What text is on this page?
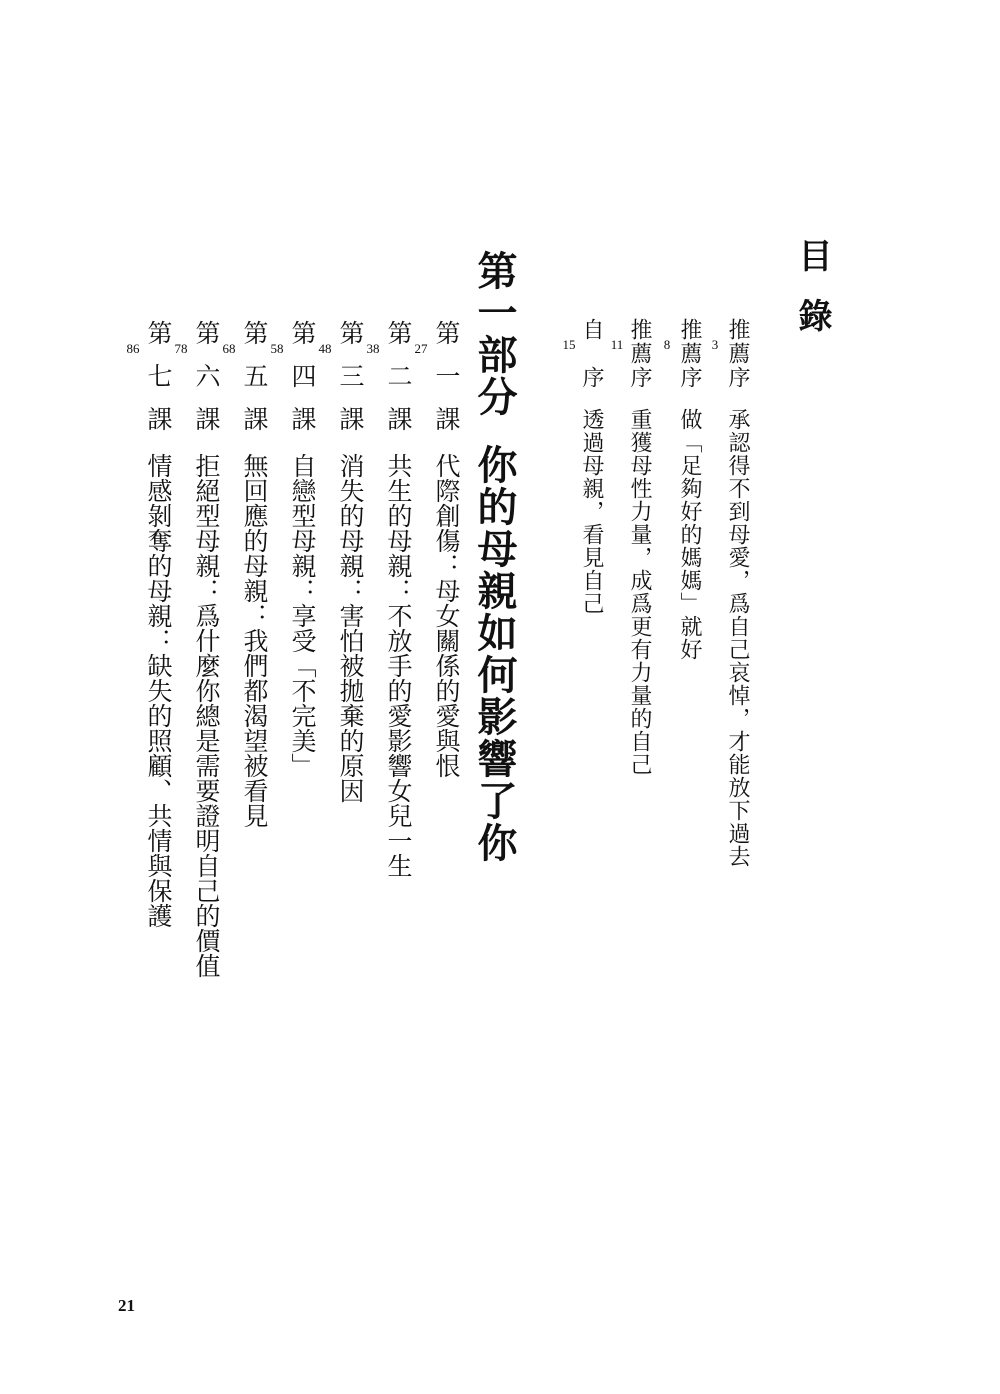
目錄
推薦序承認得不到母愛，爲自己哀悼，才能放下過去
3
推薦序做「足夠好的媽媽」就好
8
推薦序重獲母性力量，成爲更有力量的自己
11
自　序透過母親，看見自己
15
第一部分你的母親如何影響了你
第一課代際創傷：母女關係的愛與恨
27
第二課共生的母親：不放手的愛影響女兒一生
38
第三課消失的母親：害怕被拋棄的原因
48
第四課自戀型母親：享受「不完美」
58
第五課無回應的母親：我們都渴望被看見
68
第六課拒絕型母親：爲什麼你總是需要證明自己的價值
78
第七課情感剝奪的母親：缺失的照顧、共情與保護
86
21
